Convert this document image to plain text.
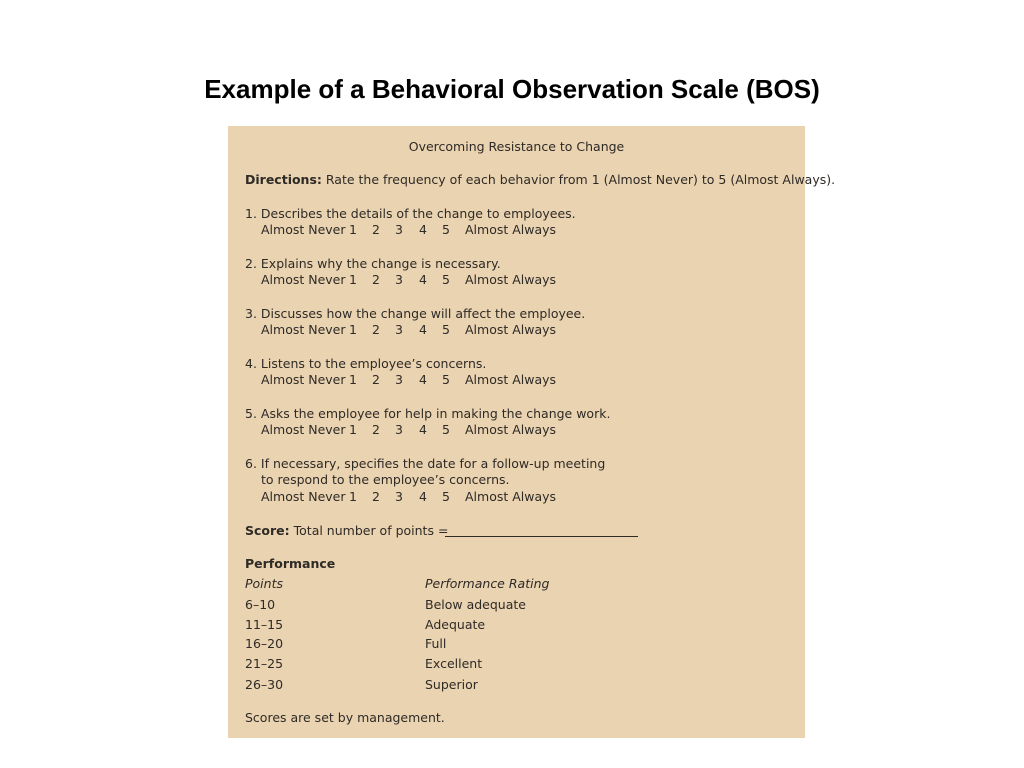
Example of a Behavioral Observation Scale (BOS)
Overcoming Resistance to Change
Directions: Rate the frequency of each behavior from 1 (Almost Never) to 5 (Almost Always).
1. Describes the details of the change to employees.
Almost Never 1 2 3 4 5 Almost Always
2. Explains why the change is necessary.
Almost Never 1 2 3 4 5 Almost Always
3. Discusses how the change will affect the employee.
Almost Never 1 2 3 4 5 Almost Always
4. Listens to the employee’s concerns.
Almost Never 1 2 3 4 5 Almost Always
5. Asks the employee for help in making the change work.
Almost Never 1 2 3 4 5 Almost Always
6. If necessary, specifies the date for a follow-up meeting
to respond to the employee’s concerns.
Almost Never 1 2 3 4 5 Almost Always
Score: Total number of points =
Performance
Points	Performance Rating
6–10	Below adequate
11–15	Adequate
16–20	Full
21–25	Excellent
26–30	Superior
Scores are set by management.
